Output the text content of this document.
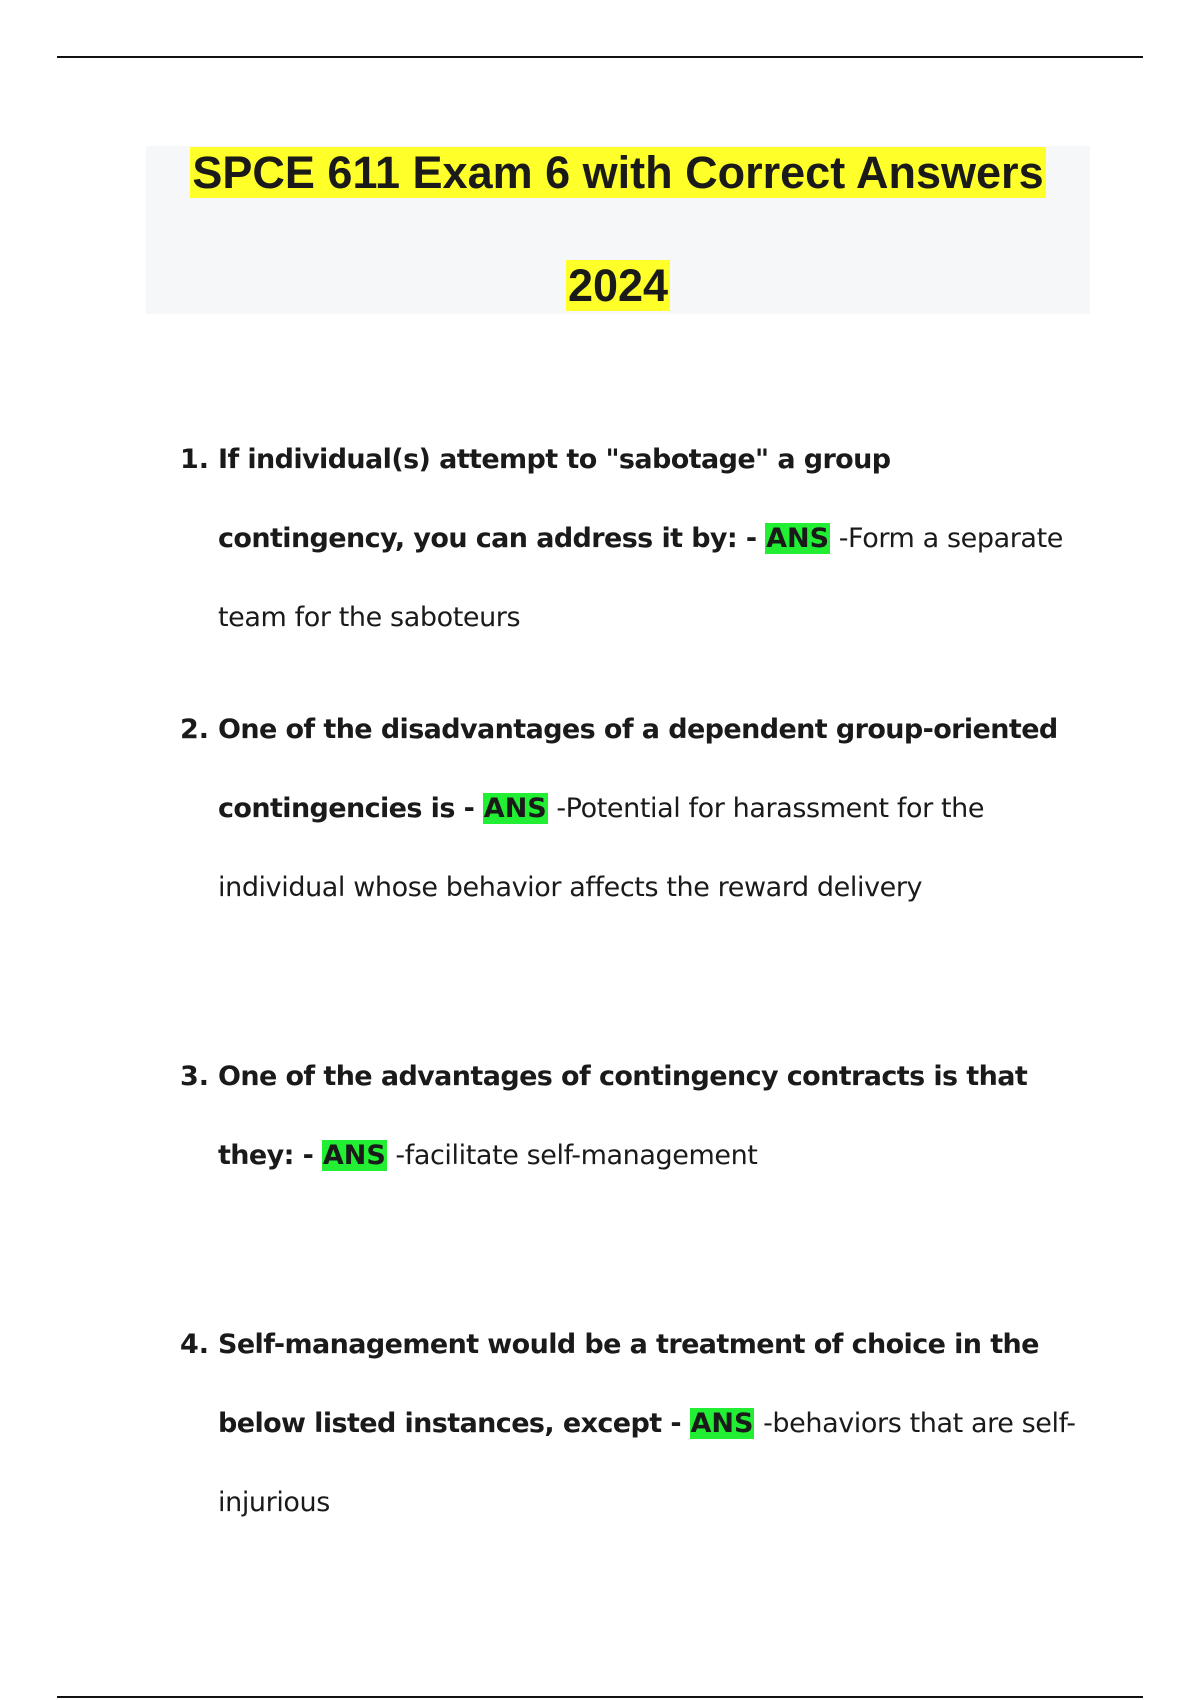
SPCE 611 Exam 6 with Correct Answers
2024
1. If individual(s) attempt to "sabotage" a group contingency, you can address it by: - ANS -Form a separate team for the saboteurs
2. One of the disadvantages of a dependent group-oriented contingencies is - ANS -Potential for harassment for the individual whose behavior affects the reward delivery
3. One of the advantages of contingency contracts is that they: - ANS -facilitate self-management
4. Self-management would be a treatment of choice in the below listed instances, except - ANS -behaviors that are self-injurious
